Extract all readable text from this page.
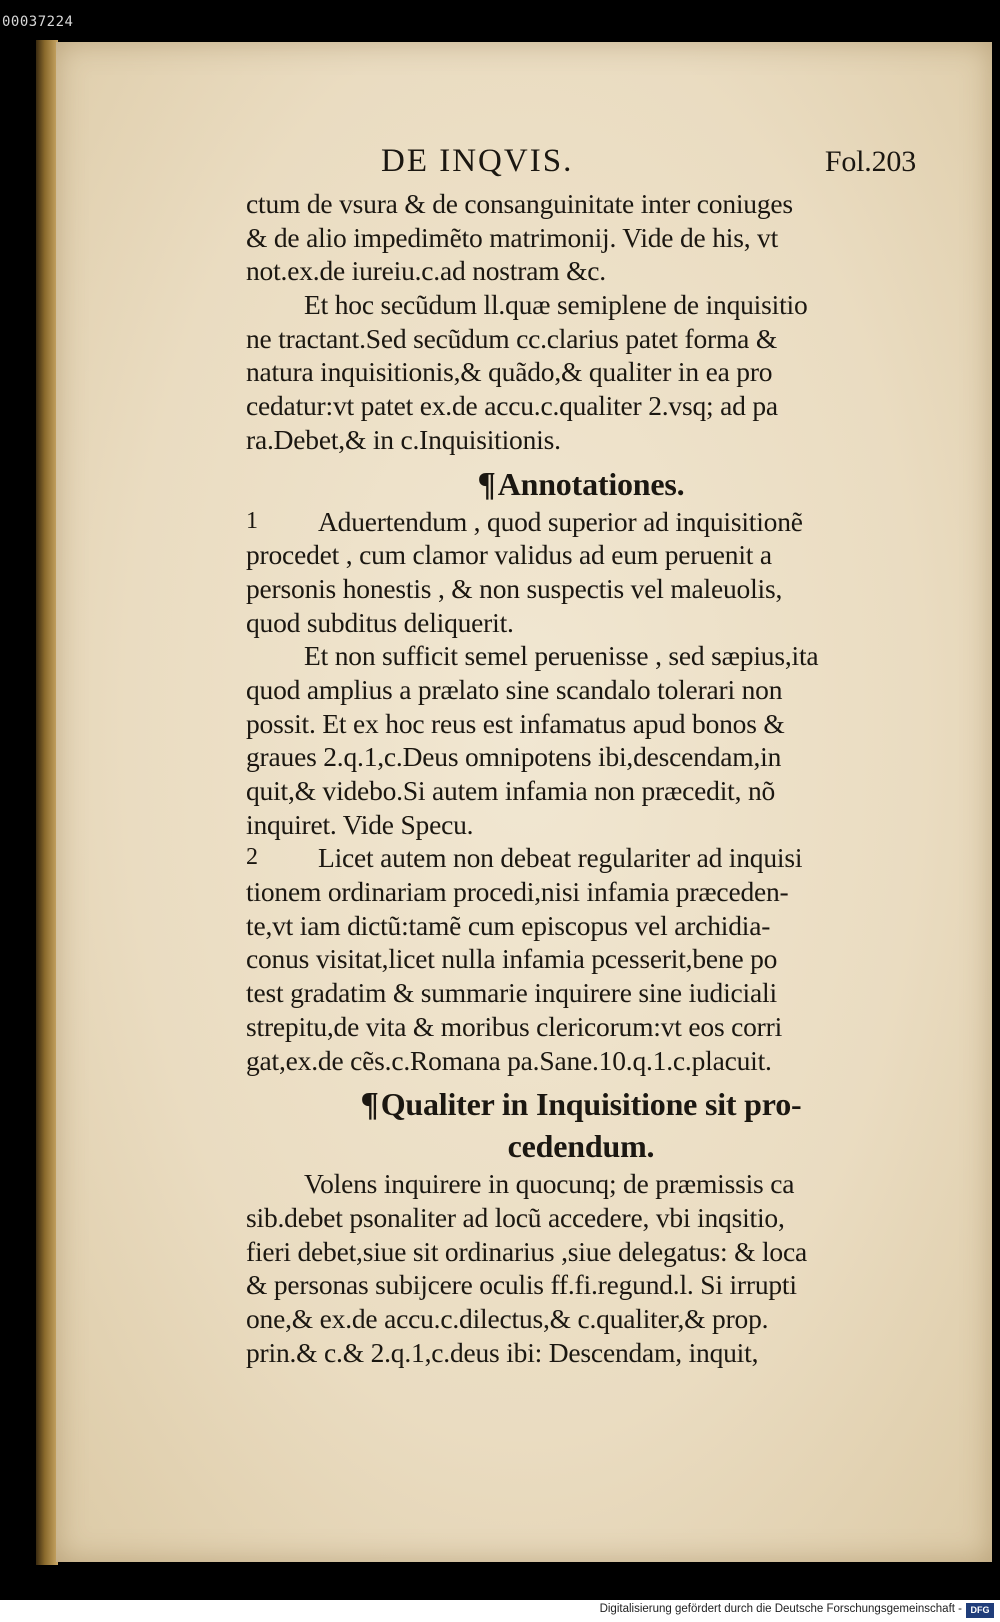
00037224
DE INQVIS.	Fol.203
ctum de vsura & de consanguinitate inter coniuges
& de alio impedimẽto matrimonij. Vide de his, vt
not.ex.de iureiu.c.ad nostram &c.
Et hoc secũdum ll.quæ semiplene de inquisitio
ne tractant.Sed secũdum cc.clarius patet forma &
natura inquisitionis,& quãdo,& qualiter in ea pro
cedatur:vt patet ex.de accu.c.qualiter 2.vsq; ad pa
ra.Debet,& in c.Inquisitionis.
¶Annotationes.
1 Aduertendum , quod superior ad inquisitionẽ
procedet , cum clamor validus ad eum peruenit a
personis honestis , & non suspectis vel maleuolis,
quod subditus deliquerit.
Et non sufficit semel peruenisse , sed sæpius,ita
quod amplius a prælato sine scandalo tolerari non
possit. Et ex hoc reus est infamatus apud bonos &
graues 2.q.1,c.Deus omnipotens ibi,descendam,in
quit,& videbo.Si autem infamia non præcedit, nõ
inquiret. Vide Specu.
2 Licet autem non debeat regulariter ad inquisi
tionem ordinariam procedi,nisi infamia præceden-
te,vt iam dictũ:tamẽ cum episcopus vel archidia-
conus visitat,licet nulla infamia pcesserit,bene po
test gradatim & summarie inquirere sine iudiciali
strepitu,de vita & moribus clericorum:vt eos corri
gat,ex.de cẽs.c.Romana pa.Sane.10.q.1.c.placuit.
¶Qualiter in Inquisitione sit pro-
cedendum.
Volens inquirere in quocunq; de præmissis ca
sib.debet psonaliter ad locũ accedere, vbi inqsitio,
fieri debet,siue sit ordinarius ,siue delegatus: & loca
& personas subijcere oculis ff.fi.regund.l. Si irrupti
one,& ex.de accu.c.dilectus,& c.qualiter,& prop.
prin.& c.& 2.q.1,c.deus ibi: Descendam, inquit,
Digitalisierung gefördert durch die Deutsche Forschungsgemeinschaft - DFG
